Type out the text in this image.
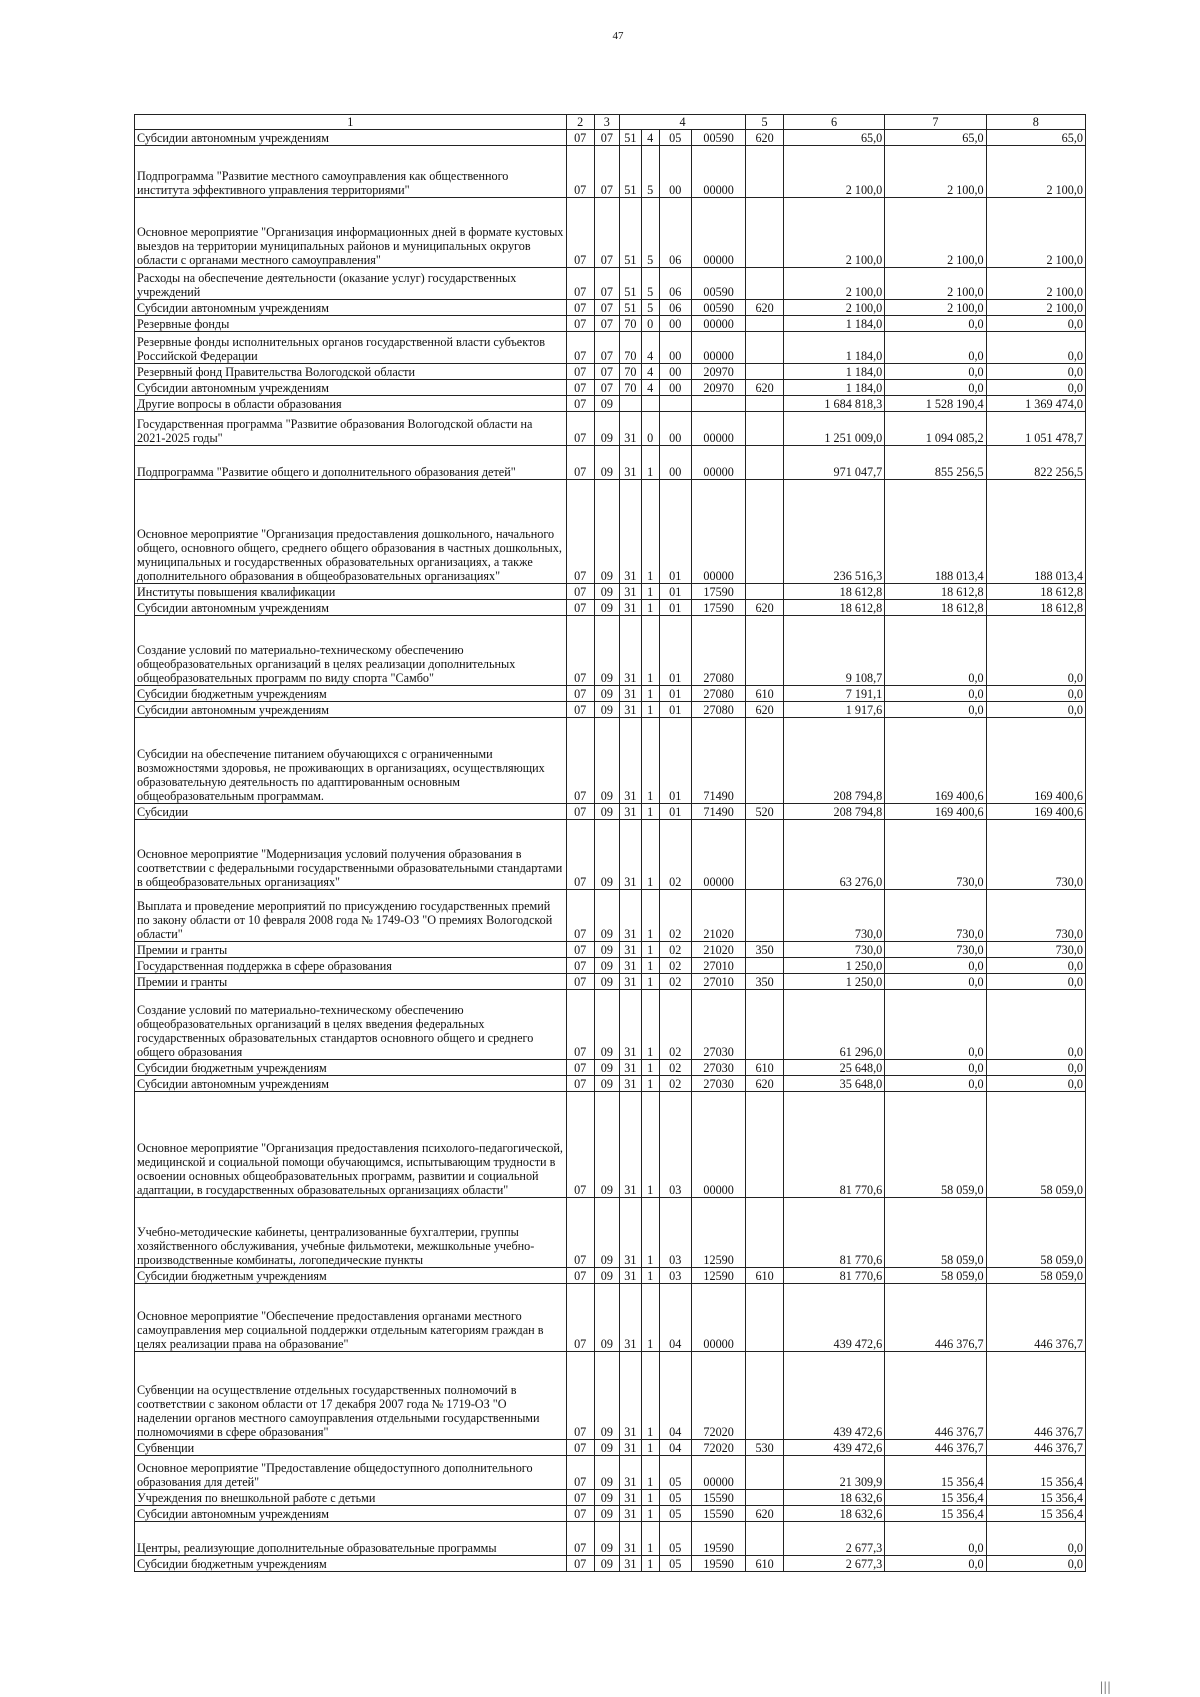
47
1	2	3	4				5	6	7	8
Субсидии автономным учреждениям	07	07	51	4	05	00590	620	65,0	65,0	65,0
Подпрограмма "Развитие местного самоуправления как общественного института эффективного управления территориями"	07	07	51	5	00	00000		2 100,0	2 100,0	2 100,0
Основное мероприятие "Организация информационных дней в формате кустовых выездов на территории муниципальных районов и муниципальных округов области с органами местного самоуправления"	07	07	51	5	06	00000		2 100,0	2 100,0	2 100,0
Расходы на обеспечение деятельности (оказание услуг) государственных учреждений	07	07	51	5	06	00590		2 100,0	2 100,0	2 100,0
Субсидии автономным учреждениям	07	07	51	5	06	00590	620	2 100,0	2 100,0	2 100,0
Резервные фонды	07	07	70	0	00	00000		1 184,0	0,0	0,0
Резервные фонды исполнительных органов государственной власти субъектов Российской Федерации	07	07	70	4	00	00000		1 184,0	0,0	0,0
Резервный фонд Правительства Вологодской области	07	07	70	4	00	20970		1 184,0	0,0	0,0
Субсидии автономным учреждениям	07	07	70	4	00	20970	620	1 184,0	0,0	0,0
Другие вопросы в области образования	07	09						1 684 818,3	1 528 190,4	1 369 474,0
Государственная программа "Развитие образования Вологодской области на 2021-2025 годы"	07	09	31	0	00	00000		1 251 009,0	1 094 085,2	1 051 478,7
Подпрограмма "Развитие общего и дополнительного образования детей"	07	09	31	1	00	00000		971 047,7	855 256,5	822 256,5
Основное мероприятие "Организация предоставления дошкольного, начального общего, основного общего, среднего общего образования в частных дошкольных, муниципальных и государственных образовательных организациях, а также дополнительного образования в общеобразовательных организациях"	07	09	31	1	01	00000		236 516,3	188 013,4	188 013,4
Институты повышения квалификации	07	09	31	1	01	17590		18 612,8	18 612,8	18 612,8
Субсидии автономным учреждениям	07	09	31	1	01	17590	620	18 612,8	18 612,8	18 612,8
Создание условий по материально-техническому обеспечению общеобразовательных организаций в целях реализации дополнительных общеобразовательных программ по виду спорта "Самбо"	07	09	31	1	01	27080		9 108,7	0,0	0,0
Субсидии бюджетным учреждениям	07	09	31	1	01	27080	610	7 191,1	0,0	0,0
Субсидии автономным учреждениям	07	09	31	1	01	27080	620	1 917,6	0,0	0,0
Субсидии на обеспечение питанием обучающихся с ограниченными возможностями здоровья, не проживающих в организациях, осуществляющих образовательную деятельность по адаптированным основным общеобразовательным программам.	07	09	31	1	01	71490		208 794,8	169 400,6	169 400,6
Субсидии	07	09	31	1	01	71490	520	208 794,8	169 400,6	169 400,6
Основное мероприятие "Модернизация условий получения образования в соответствии с федеральными государственными образовательными стандартами в общеобразовательных организациях"	07	09	31	1	02	00000		63 276,0	730,0	730,0
Выплата и проведение мероприятий по присуждению государственных премий по закону области от 10 февраля 2008 года № 1749-ОЗ "О премиях Вологодской области"	07	09	31	1	02	21020		730,0	730,0	730,0
Премии и гранты	07	09	31	1	02	21020	350	730,0	730,0	730,0
Государственная поддержка в сфере образования	07	09	31	1	02	27010		1 250,0	0,0	0,0
Премии и гранты	07	09	31	1	02	27010	350	1 250,0	0,0	0,0
Создание условий по материально-техническому обеспечению общеобразовательных организаций в целях введения федеральных государственных образовательных стандартов основного общего и среднего общего образования	07	09	31	1	02	27030		61 296,0	0,0	0,0
Субсидии бюджетным учреждениям	07	09	31	1	02	27030	610	25 648,0	0,0	0,0
Субсидии автономным учреждениям	07	09	31	1	02	27030	620	35 648,0	0,0	0,0
Основное мероприятие "Организация предоставления психолого-педагогической, медицинской и социальной помощи обучающимся, испытывающим трудности в освоении основных общеобразовательных программ, развитии и социальной адаптации, в государственных образовательных организациях области"	07	09	31	1	03	00000		81 770,6	58 059,0	58 059,0
Учебно-методические кабинеты, централизованные бухгалтерии, группы хозяйственного обслуживания, учебные фильмотеки, межшкольные учебно-производственные комбинаты, логопедические пункты	07	09	31	1	03	12590		81 770,6	58 059,0	58 059,0
Субсидии бюджетным учреждениям	07	09	31	1	03	12590	610	81 770,6	58 059,0	58 059,0
Основное мероприятие "Обеспечение предоставления органами местного самоуправления мер социальной поддержки отдельным категориям граждан в целях реализации права на образование"	07	09	31	1	04	00000		439 472,6	446 376,7	446 376,7
Субвенции на осуществление отдельных государственных полномочий в соответствии с законом области от 17 декабря 2007 года № 1719-ОЗ "О наделении органов местного самоуправления отдельными государственными полномочиями в сфере образования"	07	09	31	1	04	72020		439 472,6	446 376,7	446 376,7
Субвенции	07	09	31	1	04	72020	530	439 472,6	446 376,7	446 376,7
Основное мероприятие "Предоставление общедоступного дополнительного образования для детей"	07	09	31	1	05	00000		21 309,9	15 356,4	15 356,4
Учреждения по внешкольной работе с детьми	07	09	31	1	05	15590		18 632,6	15 356,4	15 356,4
Субсидии автономным учреждениям	07	09	31	1	05	15590	620	18 632,6	15 356,4	15 356,4
Центры, реализующие дополнительные образовательные программы	07	09	31	1	05	19590		2 677,3	0,0	0,0
Субсидии бюджетным учреждениям	07	09	31	1	05	19590	610	2 677,3	0,0	0,0
|||
